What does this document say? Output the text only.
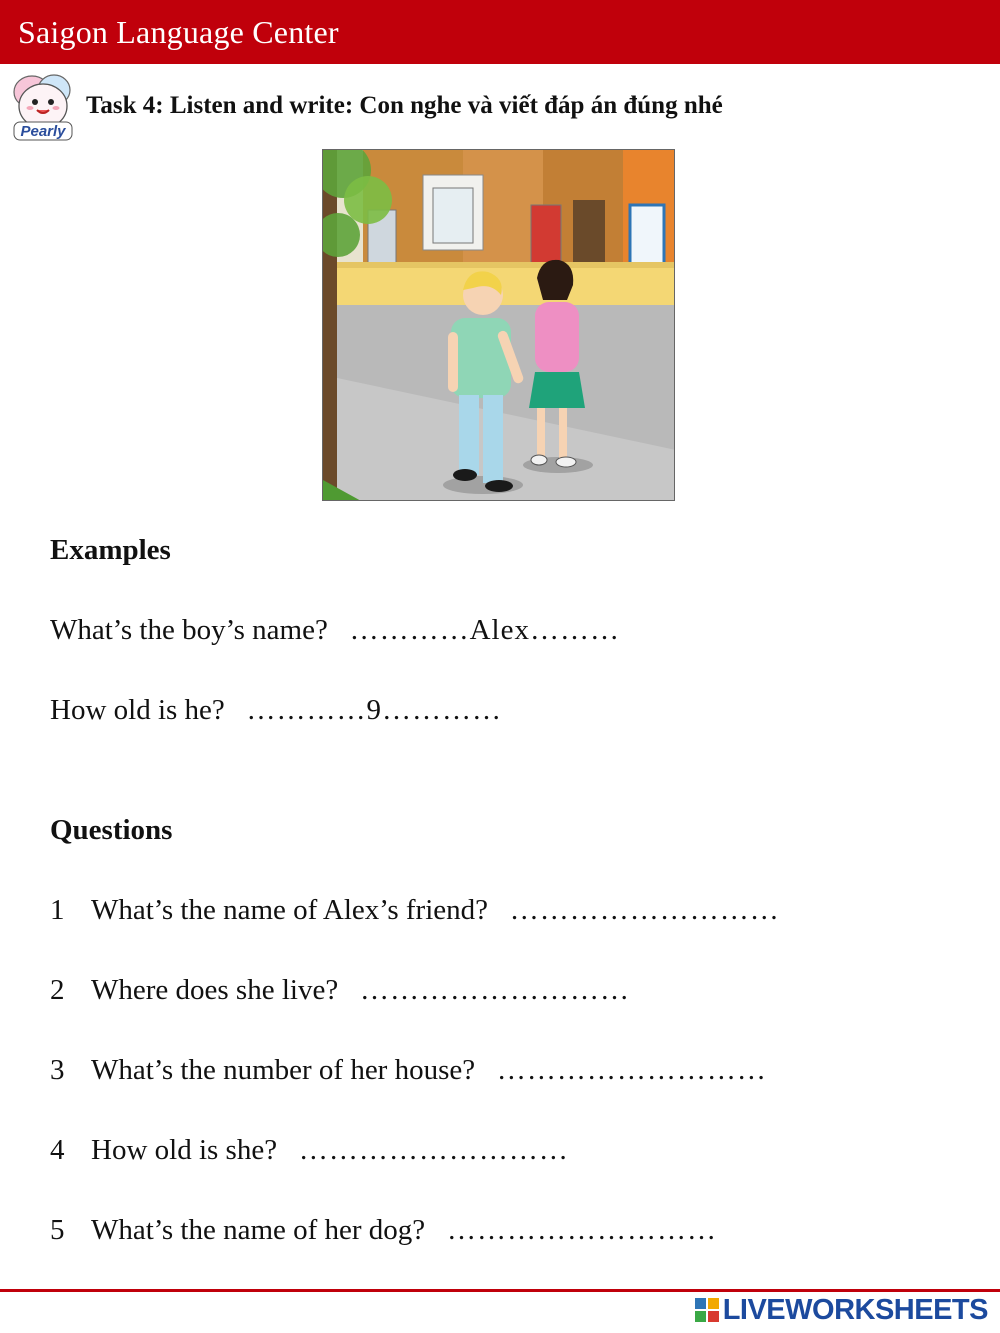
Saigon Language Center
Pearly
Task 4: Listen and write: Con nghe và viết đáp án đúng nhé
Examples
What’s the boy’s name? …………Alex………
How old is he? …………9…………
Questions
1 What’s the name of Alex’s friend? ………………………
2 Where does she live? ………………………
3 What’s the number of her house? ………………………
4 How old is she? ………………………
5 What’s the name of her dog? ………………………
LIVEWORKSHEETS
